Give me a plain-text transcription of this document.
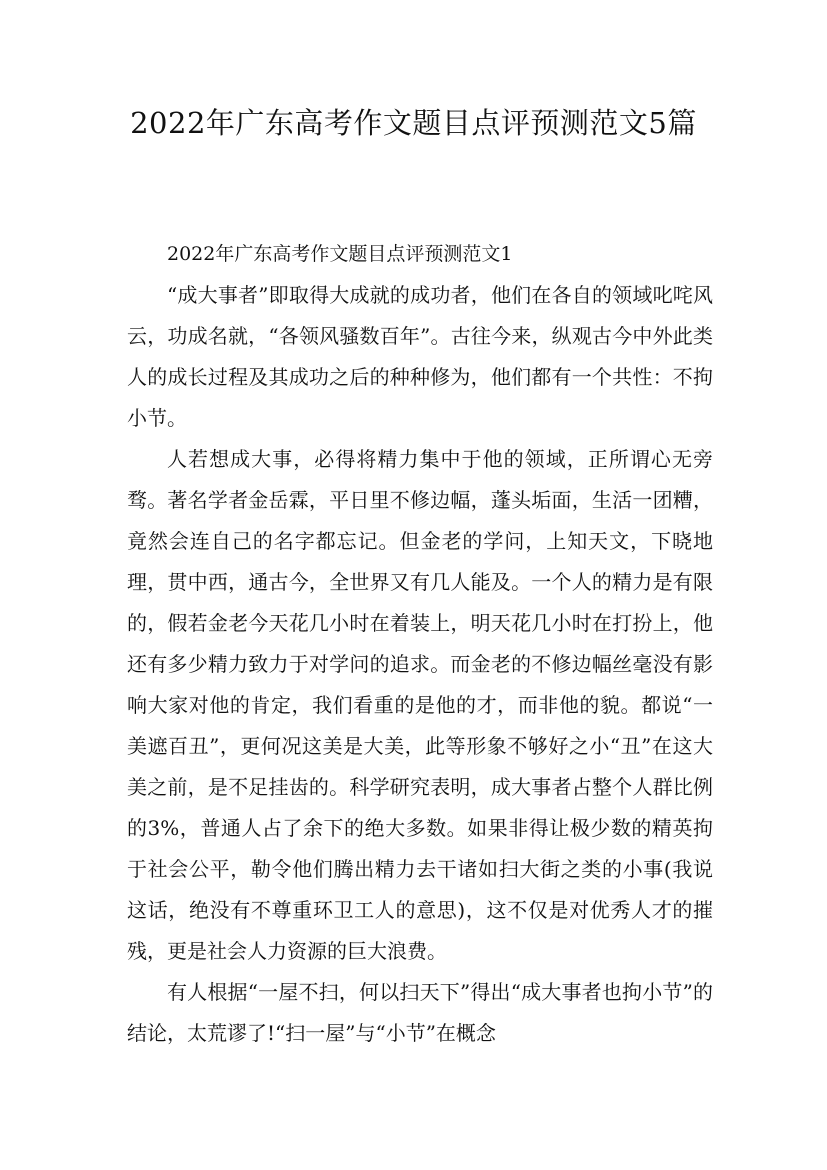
2022年广东高考作文题目点评预测范文5篇
2022年广东高考作文题目点评预测范文1

“成大事者”即取得大成就的成功者，他们在各自的领域叱咤风云，功成名就，“各领风骚数百年”。古往今来，纵观古今中外此类人的成长过程及其成功之后的种种修为，他们都有一个共性：不拘小节。

人若想成大事，必得将精力集中于他的领域，正所谓心无旁骛。著名学者金岳霖，平日里不修边幅，蓬头垢面，生活一团糟，竟然会连自己的名字都忘记。但金老的学问，上知天文，下晓地理，贯中西，通古今，全世界又有几人能及。一个人的精力是有限的，假若金老今天花几小时在着装上，明天花几小时在打扮上，他还有多少精力致力于对学问的追求。而金老的不修边幅丝毫没有影响大家对他的肯定，我们看重的是他的才，而非他的貌。都说“一美遮百丑”，更何况这美是大美，此等形象不够好之小“丑”在这大美之前，是不足挂齿的。科学研究表明，成大事者占整个人群比例的3%，普通人占了余下的绝大多数。如果非得让极少数的精英拘于社会公平，勒令他们腾出精力去干诸如扫大街之类的小事(我说这话，绝没有不尊重环卫工人的意思)，这不仅是对优秀人才的摧残，更是社会人力资源的巨大浪费。

有人根据“一屋不扫，何以扫天下”得出“成大事者也拘小节”的结论，太荒谬了!“扫一屋”与“小节”在概念
